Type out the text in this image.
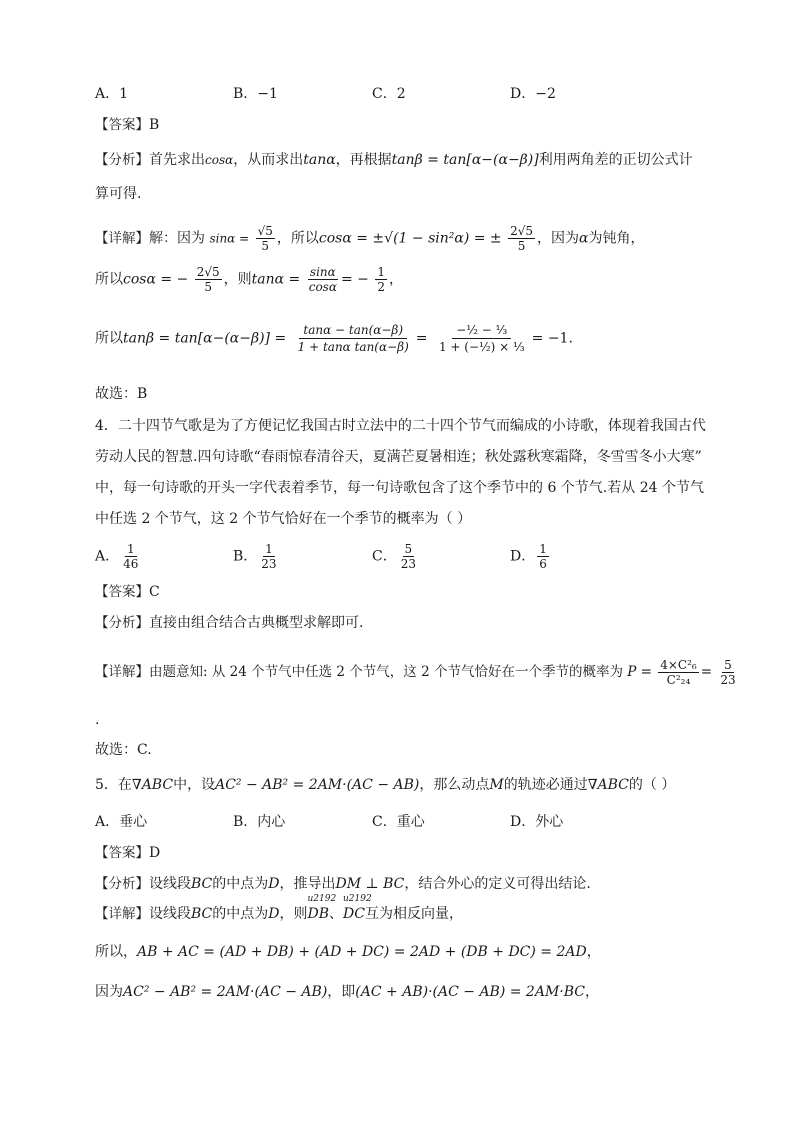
A．1	B．−1	C．2	D．−2
【答案】B
【分析】首先求出cosα，从而求出tanα，再根据tanβ = tan[α−(α−β)]利用两角差的正切公式计
算可得.
【详解】解：因为 $\sin\alpha = \frac{√5}{5}$ ，所以cosα = ±√(1 − sin²α) = ± $\frac{2√5}{5}$ ，因为α为钝角，
所以cosα = − $\frac{2√5}{5}$ ，则$\tan\alpha = \frac{\sin\alpha}{\cos\alpha}$ = − $\frac{1}{2}$ ，
所以$\tan\beta = \tan[\alpha-(\alpha-\beta)] = \frac{\tan\alpha - \tan(\alpha-\beta)}{\text{1 + tanα tan(α−β)}} = \frac{\text{−½ − ⅓}}{\text{1 + (−½) × ⅓}} = -1$.
故选：B
4．二十四节气歌是为了方便记忆我国古时立法中的二十四个节气而编成的小诗歌，体现着我国古代
劳动人民的智慧.四句诗歌“春雨惊春清谷天，夏满芒夏暑相连；秋处露秋寒霜降，冬雪雪冬小大寒”
中，每一句诗歌的开头一字代表着季节，每一句诗歌包含了这个季节中的 6 个节气.若从 24 个节气
中任选 2 个节气，这 2 个节气恰好在一个季节的概率为（ ）
A． $\frac{1}{46}$	B． $\frac{1}{23}$	C． $\frac{5}{23}$	D． $\frac{1}{6}$
【答案】C
【分析】直接由组合结合古典概型求解即可.
【详解】由题意知: 从 24 个节气中任选 2 个节气，这 2 个节气恰好在一个季节的概率为 $P = \frac{\text{4×C²₆}}{\text{C²₂₄}} = \frac{5}{23}$
.
故选：C.
5．在∇ABC中，设AC² − AB² = 2AM·(AC − AB)，那么动点M的轨迹必通过∇ABC的（ ）
A．垂心	B．内心	C．重心	D．外心
【答案】D
【分析】设线段BC的中点为D，推导出DM ⊥ BC，结合外心的定义可得出结论.
【详解】设线段BC的中点为D，则u2192 DB、u2192 DC互为相反向量，
所以，AB + AC = (AD + DB) + (AD + DC) = 2AD + (DB + DC) = 2AD，
因为AC² − AB² = 2AM·(AC − AB)，即(AC + AB)·(AC − AB) = 2AM·BC，
